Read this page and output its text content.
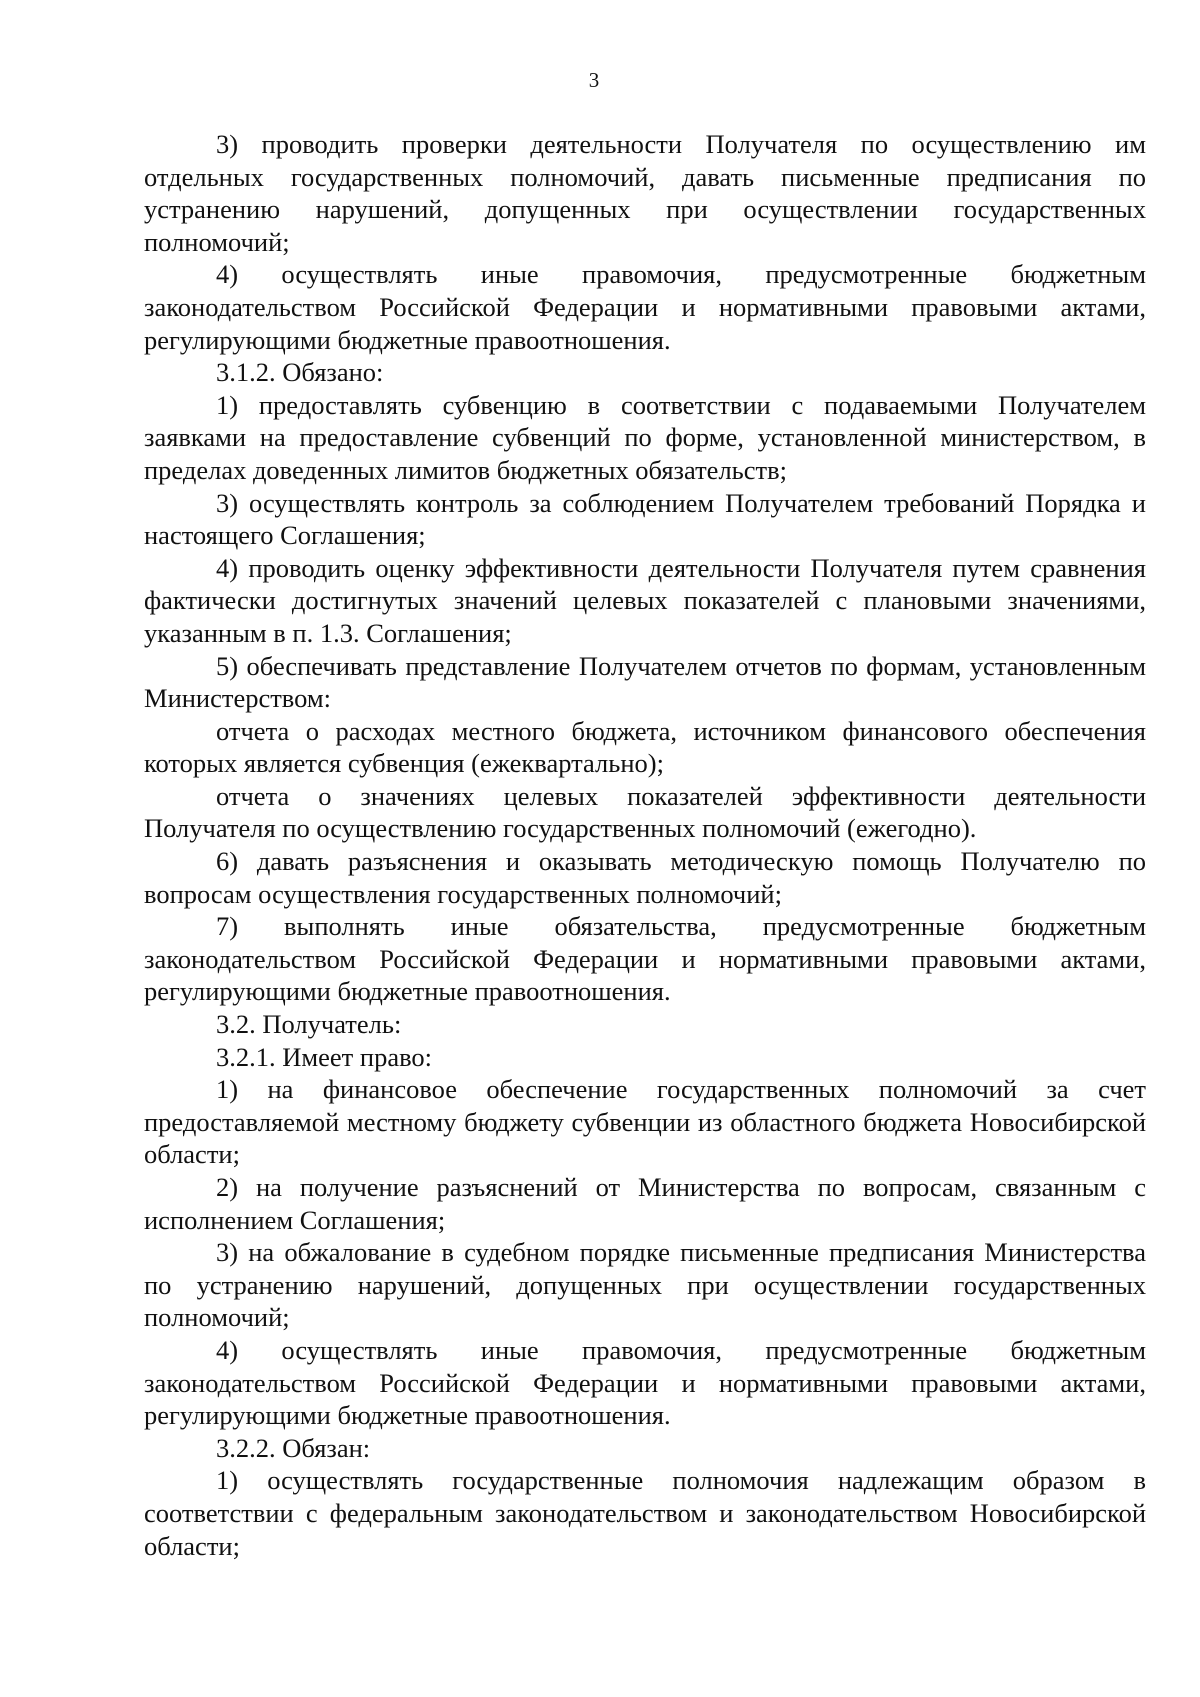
3

3) проводить проверки деятельности Получателя по осуществлению им отдельных государственных полномочий, давать письменные предписания по устранению нарушений, допущенных при осуществлении государственных полномочий;

4) осуществлять иные правомочия, предусмотренные бюджетным законодательством Российской Федерации и нормативными правовыми актами, регулирующими бюджетные правоотношения.

3.1.2. Обязано:

1) предоставлять субвенцию в соответствии с подаваемыми Получателем заявками на предоставление субвенций по форме, установленной министерством, в пределах доведенных лимитов бюджетных обязательств;

3) осуществлять контроль за соблюдением Получателем требований Порядка и настоящего Соглашения;

4) проводить оценку эффективности деятельности Получателя путем сравнения фактически достигнутых значений целевых показателей с плановыми значениями, указанным в п. 1.3. Соглашения;

5) обеспечивать представление Получателем отчетов по формам, установленным Министерством:

отчета о расходах местного бюджета, источником финансового обеспечения которых является субвенция (ежеквартально);

отчета о значениях целевых показателей эффективности деятельности Получателя по осуществлению государственных полномочий (ежегодно).

6) давать разъяснения и оказывать методическую помощь Получателю по вопросам осуществления государственных полномочий;

7) выполнять иные обязательства, предусмотренные бюджетным законодательством Российской Федерации и нормативными правовыми актами, регулирующими бюджетные правоотношения.

3.2. Получатель:

3.2.1. Имеет право:

1) на финансовое обеспечение государственных полномочий за счет предоставляемой местному бюджету субвенции из областного бюджета Новосибирской области;

2) на получение разъяснений от Министерства по вопросам, связанным с исполнением Соглашения;

3) на обжалование в судебном порядке письменные предписания Министерства по устранению нарушений, допущенных при осуществлении государственных полномочий;

4) осуществлять иные правомочия, предусмотренные бюджетным законодательством Российской Федерации и нормативными правовыми актами, регулирующими бюджетные правоотношения.

3.2.2. Обязан:

1) осуществлять государственные полномочия надлежащим образом в соответствии с федеральным законодательством и законодательством Новосибирской области;
